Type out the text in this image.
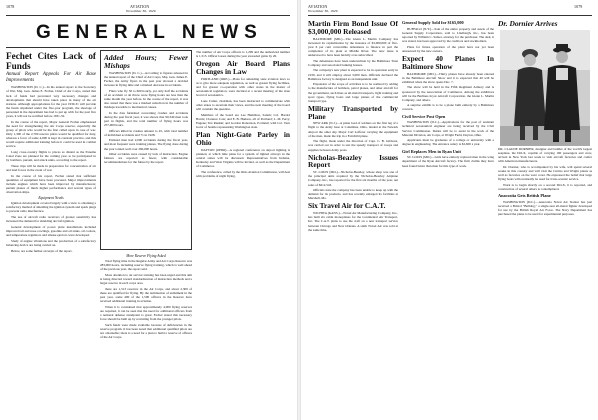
1078	AVIATION
November 30, 1929
GENERAL NEWS
Fechet Cites Lack of Funds
Annual Report Appeals For Air Base Improvements

WASHINGTON (D. C.)—In his annual report to the Secretary of War, Maj. Gen. James E. Fechet, Chief of Air Corps, stated that lack of funds had prevented very necessary changes and developments that should have taken place in many of the air stations. Although appropriations for the year 1930-31 will provide the funds stipulated under the five-year program, the shortage of personnel in the department has had to put up with for the past five years, it will not be rectified before 1931-32.

In the course of the report, Major General Fechet emphasized the need for strengthening the Air Corps reserve, especially the group of pilots who would be the first called upon in case of war. Only 1,300 of the 2,700 reserve pilots would be qualified for duty, whereas a force of some 4,000 is kept in constant practice, and this would require additional training before it could be used in combat service.

Long cross-country flights to places as distant as the Panama Canal Zone are planned for the coming year, to be participated in by bombers, pursuit, and attack units, according to the report.

These trips will be made in preparation for concentration of air and land forces in the event of war.

In the course of his report, Fechet stated that sufficient quantities of equipment have been procured. Major improvements include engines which have been improved by manufacturers; pursuit planes of much higher performance and several types of observation ships.

Equipment Needs

Ignition development covered largely with a view to obtaining a satisfactory method of shielding the ignition system and spark plugs to prevent radio interference.

The use of aircraft radio receivers of greater sensitivity has increased the demand for shielding aircraft ignition.

General development of power plant installations included improved tail and nose cowlings, gasoline and oil tanks, oil coolers, and temperature regulators and smoke ejectors were developed.

Study of engine vibrations and the production of a satisfactory balancing device are being carried on.

Below, are some further excerpts of the report.

Added Hours; Fewer Mishaps

WASHINGTON (D. C.)—According to figures released in the annual report of the Chief of Air Corps, Maj. Gen. James E. Fechet, the Army flyers in the past year showed a decided increase in flying time and a marked decrease in accidents.

Fliers who fly 30 to 600 hourly, yet only half the accidents of an accident or de throw were flying hours are less than the same month the year before. In the course of the report, it was also stated that there was a marked reduction in the number of mishaps traceable to mechanical causes.

In the data furnished concerning crashes and accidents during the past fiscal year, it was shown that 90,340 men took part in flights, and the total number of flying hours was 257,000 hours.

Officers killed in crashes amount to 45, with total number of individual accidents and 71 in 1928.

Enlisted men had 2,000 accidents during the fiscal year, and most frequent were training planes. The flying done during the year totaled well over 260,000 hours.

Other accidents were caused by lack of instruction. Engine failures are reported as fewer, with considerable recommendations for the future by the report.

More Reserve Flying Asked

Total flying time in the Regular Army and Air Corps Reserve was 283,000 hours, including reserve flying training, which is well ahead of the previous year, the report said.

More attention to air service training has been urged and this aim is being directed toward standardization of instruction methods and a larger reserve in each corps area.

there are 1,513 reserves in the Air Corps, and about 2,309 of these are qualified for flying. By the termination of enlistment in the past year, some 400 of the 1,500 officers in the Reserve have received additional training in aviation.

When it is considered that approximately 4,000 flying reserves are required, it can be seen that the need for additional officers from a national defense standpoint is great. Fechet stated this necessary force should be built up by recruiting from the younger pilots.

Such funds were made available because of deficiencies in the reserve program. It has been noted that additional qualified pilots are not obtainable; there is a need for a plan to build a reserve of officers of the Air Corps.

The number of Air Corps officers is 1,299 and the authorized number is 1,513. Officer losses during the year exceeded gains by 26.

Oregon Air Board Plans Changes in Law

PORTLAND (ORE.)—Plans for amending state aviation laws so as to give more adequate regulation, as well as greater flying facilities, and for greater co-operation with other states in the matter of aeronautical regulation, were decided at a recent meeting of the state board of aeronautics.

Lane Cutler, chairman, has been instructed to communicate with other states to ascertain their views, and the next meeting of the board will consider the question.

Members of the board are Lee Hamilton, Salem; Col. Harold Harris; Clarence Cole; and E. B. Hudson, all of Portland; L. M. Perry, Eugene; Tex Rankin; and Gordon Robertson, Portland; with Col. Vern Gorst of Seattle representing Washington state.

Plan Night-Gate Parley in Ohio

DAYTON (OHIO)—A regional conference on airport lighting is planned, at which time plans for a system of lighted airways in the central states will be discussed. Representatives from Indiana, Kentucky and West Virginia will be invited, as well as the Department of Commerce.

The conference, called by the Ohio Aviation Commission, will deal with problems of night flying.

AVIATION
November 30, 1929
1079
Martin Firm Bond Issue Of $3,000,000 Released

BALTIMORE (MD.)—The Glenn L. Martin Company has increased its capitalization by the issuance of $3,000,000 of five-year 6 per cent convertible debentures to finance in part the completion of its plant at Middle River. The new issue is understood to have been heavily over-subscribed.

The debentures have been underwritten by the Baltimore Trust Company and associated banking houses.

The company's new plant is expected to be in operation early in 1930, and it will employ about 3,000 men. Officials declared the Baltimore factory is designed as an independent unit.

Expansion of the scope of activities is to be realized by adding to the manufacture of bombers, patrol planes, and other aircraft for the government, such lines as all-metal transports, light training and sport types, flying boats and large planes of the commercial transport type.

Military Transported by Plane

NEW ARK (N.J.)—A plane load of soldiers on the first leg of a flight to the Army base at Columbus, Ohio, landed at the Newark Airport the other day. Major Carl Lofferer carrying the equipment of the men, made the trip in a Fairchild plane.

The flight, made under the direction of Capt. C. B. Gibbons, was carried out in order to test the speedy transport of troops and supplies between Army posts.

Nicholas-Beazley Issues Report

ST. LOUIS (MO.)—Nicholas-Beazley, whose shop was one of the principal units acquired by the Nicholas-Beazley Airplane Company, Inc., has reported for the first six months of the year, net sales of $612,543.

Officials state the company has been unable to keep up with the demand for its products, and has recently enlarged its facilities at Marshall, Mo.

Six Travel Air for C.A.T.

WICHITA (KANS.)—Travel Air Manufacturing Company, Inc., has built six cabin monoplanes for the Continental Air Transport, Inc. The C.A.T. plans to use the craft on a new transport service between Chicago and New Orleans. A sixth Travel Air was sold at the same time.

General Supply Sold for $165,000

BUFFALO (N.Y.)—Sale of the entire property and assets of the General Supply Corporation, sold to Lindbergh, Inc., has been reported by William C. Sulzer, attorney for the purchaser. The deal, it was stated, has been approved by the creditors and stockholders.

Plans for future operation of the plant have not yet been announced by the new owners.

Expect 40 Planes In Baltimore Show

BALTIMORE (MD.)—Thirty planes have already been entered in the Baltimore Aircraft Show and it is expected that 40 will be exhibited when the show opens Dec. 7.

The show will be held in the Fifth Regiment Armory and is sponsored by the Association of Commerce. Among the exhibitors will be the Berliner-Joyce Aircraft Corporation, the Glenn L. Martin Company, and others.

A surprise exhibit is to be a plane built entirely by a Baltimore concern.

Civil Service Post Open

WASHINGTON (D.C.)—Applications for the post of assistant technical aeronautical engineer are being received by the Civil Service Commission. Duties will be to assist in the work of the Materiel Division, Air Corps, at Wright Field, Dayton, Ohio.

Applicants must be graduates of a college or university with a degree in engineering. The entrance salary is $2,600 a year.

Girl Replaces Men in Ryan Unit

ST. LOUIS (MO.)—Girls have entirely replaced men in the wing department of the Ryan Aircraft factory. The firm claims they have been found better than men for this type of work.

Dr. Dornier Arrives

DR. CLAUDE DORNIER, designer and builder of the world's largest seaplane, the DO-X, capable of carrying 160 passengers and crew, arrived in New York last week to visit aircraft factories and confer with American manufacturers.

Dr. Dornier, who is accompanied by his wife, will spend several weeks in this country and will visit the Curtiss and Wright plants as well as factories on the west coast. He expressed the belief that large flying boats will eventually be used for trans-oceanic service.

Work is to begin shortly on a second DO-X, it is reported, and construction of several others is contemplated.

Anacostia Gets British Plane

WASHINGTON (D.C.)—Anacostia Naval Air Station has just received a Bristol "Bulldog," a single-seat all-metal fighter developed for use by the British Royal Air Force. The Navy Department has purchased the plane to be used for experimental purposes.
